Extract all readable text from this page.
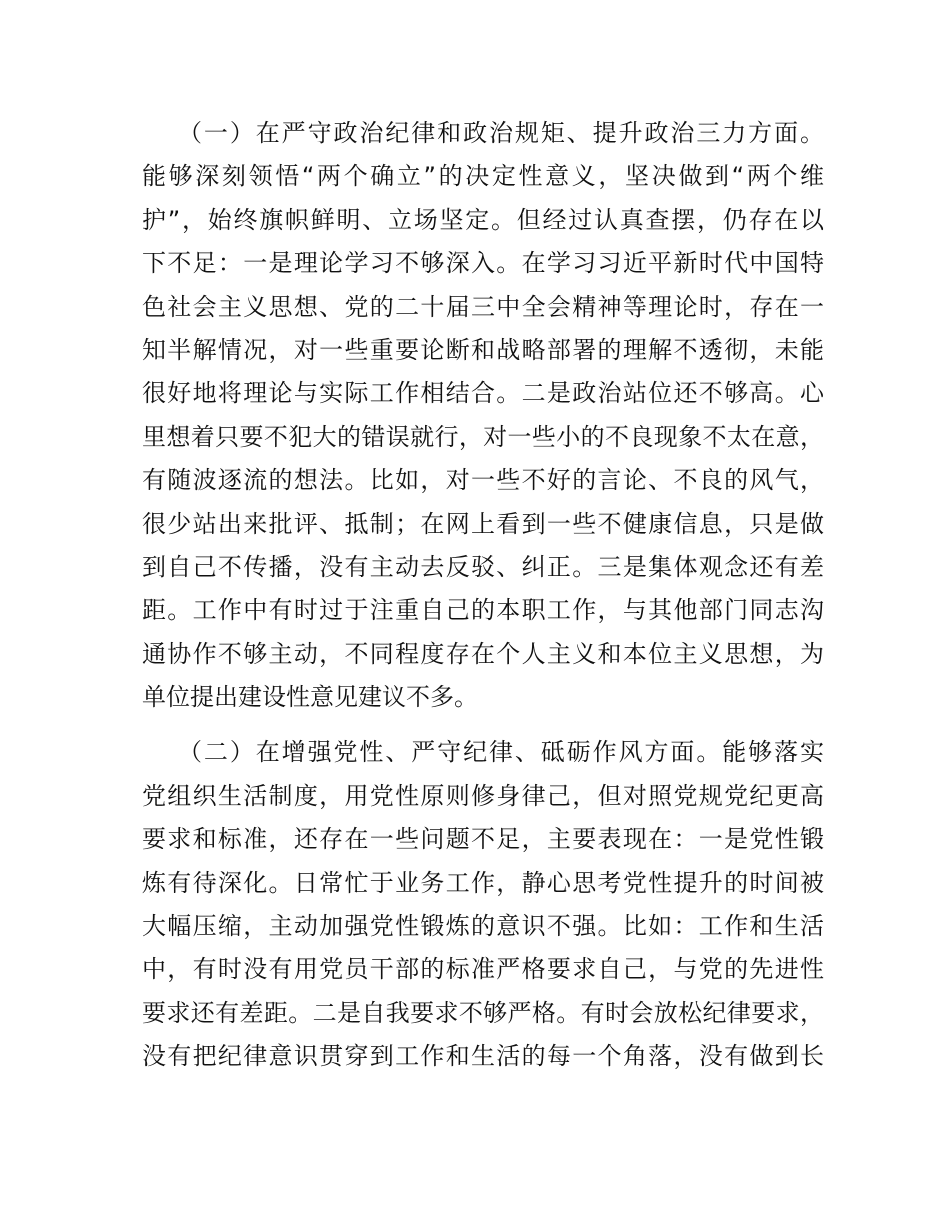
（一）在严守政治纪律和政治规矩、提升政治三力方面。
能够深刻领悟“两个确立”的决定性意义，坚决做到“两个维
护”，始终旗帜鲜明、立场坚定。但经过认真查摆，仍存在以
下不足：一是理论学习不够深入。在学习习近平新时代中国特
色社会主义思想、党的二十届三中全会精神等理论时，存在一
知半解情况，对一些重要论断和战略部署的理解不透彻，未能
很好地将理论与实际工作相结合。二是政治站位还不够高。心
里想着只要不犯大的错误就行，对一些小的不良现象不太在意，
有随波逐流的想法。比如，对一些不好的言论、不良的风气，
很少站出来批评、抵制；在网上看到一些不健康信息，只是做
到自己不传播，没有主动去反驳、纠正。三是集体观念还有差
距。工作中有时过于注重自己的本职工作，与其他部门同志沟
通协作不够主动，不同程度存在个人主义和本位主义思想，为
单位提出建设性意见建议不多。
（二）在增强党性、严守纪律、砥砺作风方面。能够落实
党组织生活制度，用党性原则修身律己，但对照党规党纪更高
要求和标准，还存在一些问题不足，主要表现在：一是党性锻
炼有待深化。日常忙于业务工作，静心思考党性提升的时间被
大幅压缩，主动加强党性锻炼的意识不强。比如：工作和生活
中，有时没有用党员干部的标准严格要求自己，与党的先进性
要求还有差距。二是自我要求不够严格。有时会放松纪律要求，
没有把纪律意识贯穿到工作和生活的每一个角落，没有做到长
